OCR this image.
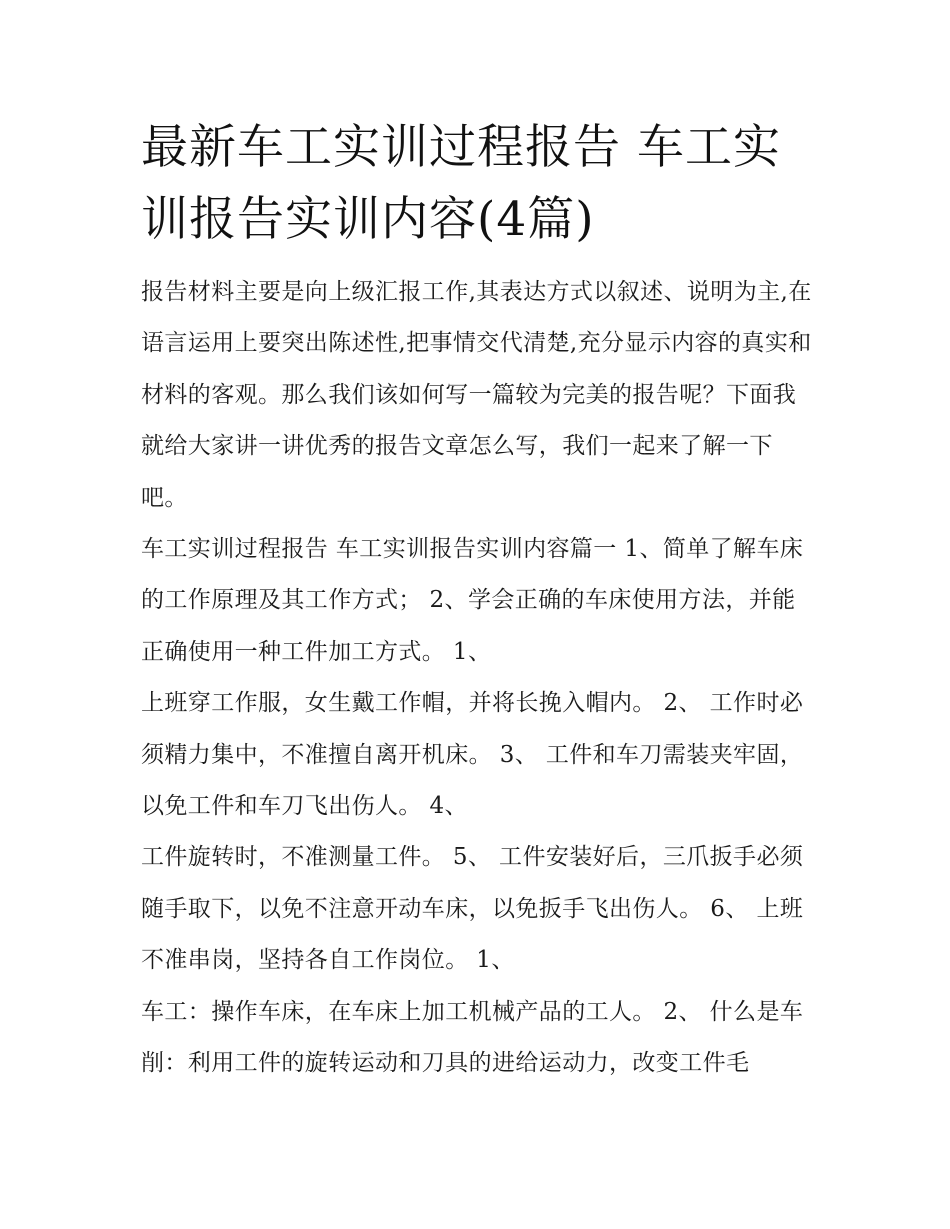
最新车工实训过程报告 车工实训报告实训内容(4篇)

报告材料主要是向上级汇报工作,其表达方式以叙述、说明为主,在语言运用上要突出陈述性,把事情交代清楚,充分显示内容的真实和材料的客观。那么我们该如何写一篇较为完美的报告呢？下面我就给大家讲一讲优秀的报告文章怎么写，我们一起来了解一下吧。

车工实训过程报告 车工实训报告实训内容篇一 1、简单了解车床的工作原理及其工作方式； 2、学会正确的车床使用方法，并能正确使用一种工件加工方式。 1、

上班穿工作服，女生戴工作帽，并将长挽入帽内。 2、 工作时必须精力集中，不准擅自离开机床。 3、 工件和车刀需装夹牢固，以免工件和车刀飞出伤人。 4、

工件旋转时，不准测量工件。 5、 工件安装好后，三爪扳手必须随手取下，以免不注意开动车床，以免扳手飞出伤人。 6、 上班不准串岗，坚持各自工作岗位。 1、

车工：操作车床，在车床上加工机械产品的工人。 2、 什么是车削：利用工件的旋转运动和刀具的进给运动力，改变工件毛
